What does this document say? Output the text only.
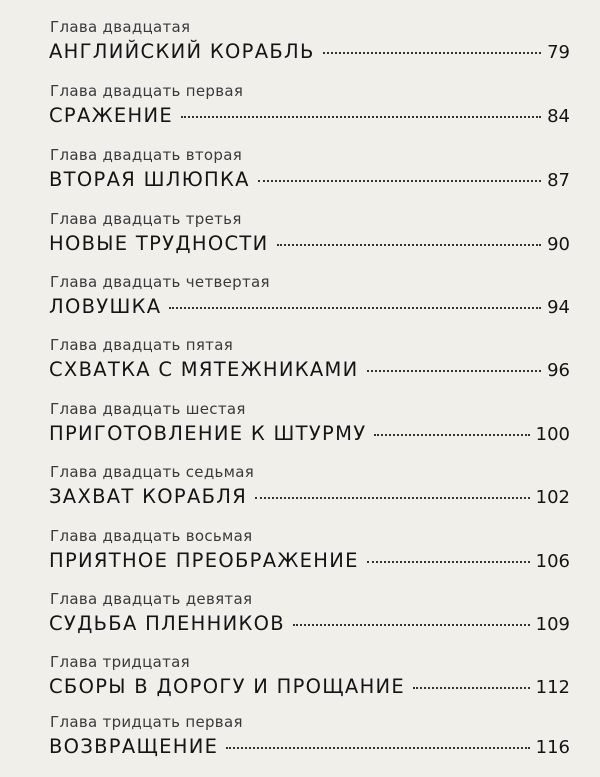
Глава двадцатая
АНГЛИЙСКИЙ КОРАБЛЬ	79
Глава двадцать первая
СРАЖЕНИЕ	84
Глава двадцать вторая
ВТОРАЯ ШЛЮПКА	87
Глава двадцать третья
НОВЫЕ ТРУДНОСТИ	90
Глава двадцать четвертая
ЛОВУШКА	94
Глава двадцать пятая
СХВАТКА С МЯТЕЖНИКАМИ	96
Глава двадцать шестая
ПРИГОТОВЛЕНИЕ К ШТУРМУ	100
Глава двадцать седьмая
ЗАХВАТ КОРАБЛЯ	102
Глава двадцать восьмая
ПРИЯТНОЕ ПРЕОБРАЖЕНИЕ	106
Глава двадцать девятая
СУДЬБА ПЛЕННИКОВ	109
Глава тридцатая
СБОРЫ В ДОРОГУ И ПРОЩАНИЕ	112
Глава тридцать первая
ВОЗВРАЩЕНИЕ	116
